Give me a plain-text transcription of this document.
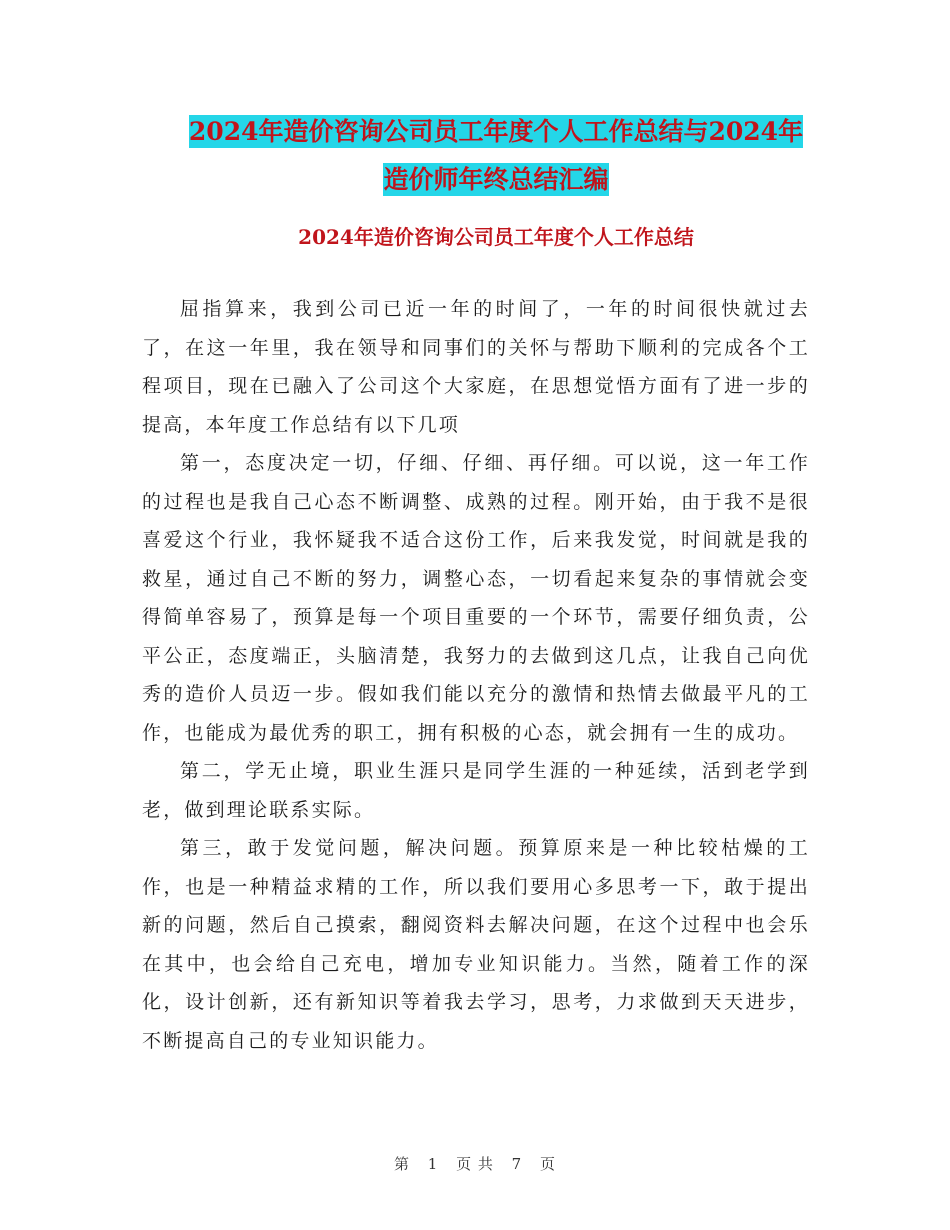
2024年造价咨询公司员工年度个人工作总结与2024年
造价师年终总结汇编
2024年造价咨询公司员工年度个人工作总结

屈指算来，我到公司已近一年的时间了，一年的时间很快就过去了，在这一年里，我在领导和同事们的关怀与帮助下顺利的完成各个工程项目，现在已融入了公司这个大家庭，在思想觉悟方面有了进一步的提高，本年度工作总结有以下几项

第一，态度决定一切，仔细、仔细、再仔细。可以说，这一年工作的过程也是我自己心态不断调整、成熟的过程。刚开始，由于我不是很喜爱这个行业，我怀疑我不适合这份工作，后来我发觉，时间就是我的救星，通过自己不断的努力，调整心态，一切看起来复杂的事情就会变得简单容易了，预算是每一个项目重要的一个环节，需要仔细负责，公平公正，态度端正，头脑清楚，我努力的去做到这几点，让我自己向优秀的造价人员迈一步。假如我们能以充分的激情和热情去做最平凡的工作，也能成为最优秀的职工，拥有积极的心态，就会拥有一生的成功。

第二，学无止境，职业生涯只是同学生涯的一种延续，活到老学到老，做到理论联系实际。

第三，敢于发觉问题，解决问题。预算原来是一种比较枯燥的工作，也是一种精益求精的工作，所以我们要用心多思考一下，敢于提出新的问题，然后自己摸索，翻阅资料去解决问题，在这个过程中也会乐在其中，也会给自己充电，增加专业知识能力。当然，随着工作的深化，设计创新，还有新知识等着我去学习，思考，力求做到天天进步，不断提高自己的专业知识能力。

第 1 页 共 7 页
